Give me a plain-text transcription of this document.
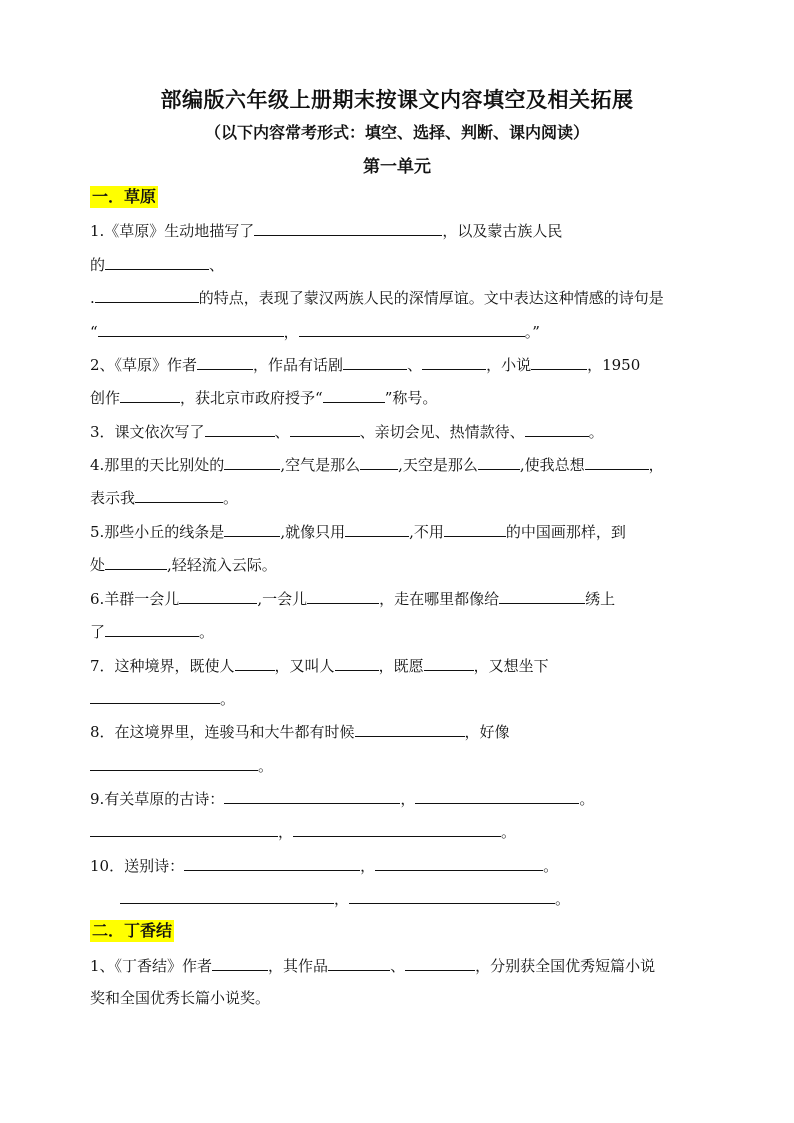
部编版六年级上册期末按课文内容填空及相关拓展
（以下内容常考形式：填空、选择、判断、课内阅读）
第一单元
一．草原
1.《草原》生动地描写了	，以及蒙古族人民
的	、
.	的特点，表现了蒙汉两族人民的深情厚谊。文中表达这种情感的诗句是
“	，	。”
2、《草原》作者	，作品有话剧	、	，小说	，1950
创作	，获北京市政府授予“	”称号。
3．课文依次写了	、	、亲切会见、热情款待、	。
4.那里的天比别处的	,空气是那么	,天空是那么	,使我总想	，
表示我	。
5.那些小丘的线条是	,就像只用	,不用	的中国画那样，到
处	,轻轻流入云际。
6.羊群一会儿	,一会儿	，走在哪里都像给	绣上
了	。
7．这种境界，既使人	，又叫人	，既愿	，又想坐下
。
8．在这境界里，连骏马和大牛都有时候	，好像
。
9.有关草原的古诗：	，	。
，	。
10．送别诗：	，	。
，	。
二．丁香结
1、《丁香结》作者	，其作品	、	，分别获全国优秀短篇小说
奖和全国优秀长篇小说奖。
